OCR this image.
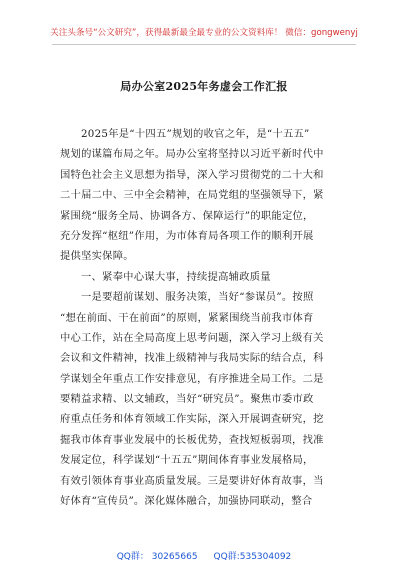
关注头条号“公文研究”，获得最新最全最专业的公文资料库！ 微信：gongwenyj
局办公室2025年务虚会工作汇报
2025年是“十四五”规划的收官之年，是“十五五”
规划的谋篇布局之年。局办公室将坚持以习近平新时代中
国特色社会主义思想为指导，深入学习贯彻党的二十大和
二十届二中、三中全会精神，在局党组的坚强领导下，紧
紧围绕“服务全局、协调各方、保障运行”的职能定位，
充分发挥“枢纽”作用，为市体育局各项工作的顺利开展
提供坚实保障。
一、紧奉中心谋大事，持续提高辅政质量
一是要超前谋划、服务决策，当好“参谋员”。按照
“想在前面、干在前面”的原则，紧紧围绕当前我市体育
中心工作，站在全局高度上思考问题，深入学习上级有关
会议和文件精神，找准上级精神与我局实际的结合点，科
学谋划全年重点工作安排意见，有序推进全局工作。二是
要精益求精、以文辅政，当好“研究员”。聚焦市委市政
府重点任务和体育领域工作实际，深入开展调查研究，挖
掘我市体育事业发展中的长板优势，查找短板弱项，找准
发展定位，科学谋划“十五五”期间体育事业发展格局，
有效引领体育事业高质量发展。三是要讲好体育故事，当
好体育“宣传员”。深化媒体融合，加强协同联动，整合
QQ群： 30265665 QQ群:535304092
